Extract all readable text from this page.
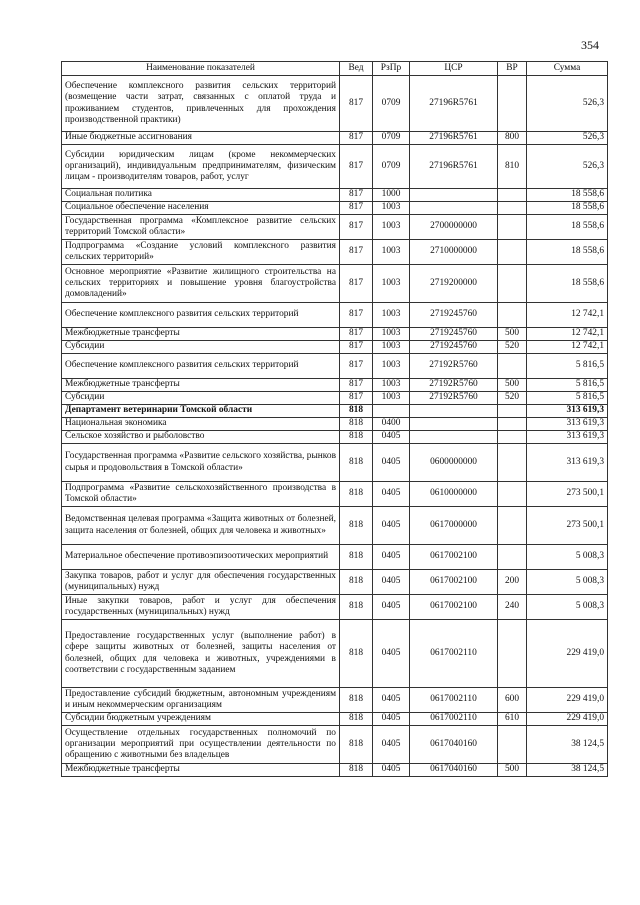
354
Наименование показателей	Вед	РзПр	ЦСР	ВР	Сумма
Обеспечение комплексного развития сельских территорий (возмещение части затрат, связанных с оплатой труда и проживанием студентов, привлеченных для прохождения производственной практики)	817	0709	27196R5761		526,3
Иные бюджетные ассигнования	817	0709	27196R5761	800	526,3
Субсидии юридическим лицам (кроме некоммерческих организаций), индивидуальным предпринимателям, физическим лицам - производителям товаров, работ, услуг	817	0709	27196R5761	810	526,3
Социальная политика	817	1000			18 558,6
Социальное обеспечение населения	817	1003			18 558,6
Государственная программа «Комплексное развитие сельских территорий Томской области»	817	1003	2700000000		18 558,6
Подпрограмма «Создание условий комплексного развития сельских территорий»	817	1003	2710000000		18 558,6
Основное мероприятие «Развитие жилищного строительства на сельских территориях и повышение уровня благоустройства домовладений»	817	1003	2719200000		18 558,6
Обеспечение комплексного развития сельских территорий	817	1003	2719245760		12 742,1
Межбюджетные трансферты	817	1003	2719245760	500	12 742,1
Субсидии	817	1003	2719245760	520	12 742,1
Обеспечение комплексного развития сельских территорий	817	1003	27192R5760		5 816,5
Межбюджетные трансферты	817	1003	27192R5760	500	5 816,5
Субсидии	817	1003	27192R5760	520	5 816,5
Департамент ветеринарии Томской области	818				313 619,3
Национальная экономика	818	0400			313 619,3
Сельское хозяйство и рыболовство	818	0405			313 619,3
Государственная программа «Развитие сельского хозяйства, рынков сырья и продовольствия в Томской области»	818	0405	0600000000		313 619,3
Подпрограмма «Развитие сельскохозяйственного производства в Томской области»	818	0405	0610000000		273 500,1
Ведомственная целевая программа «Защита животных от болезней, защита населения от болезней, общих для человека и животных»	818	0405	0617000000		273 500,1
Материальное обеспечение противоэпизоотических мероприятий	818	0405	0617002100		5 008,3
Закупка товаров, работ и услуг для обеспечения государственных (муниципальных) нужд	818	0405	0617002100	200	5 008,3
Иные закупки товаров, работ и услуг для обеспечения государственных (муниципальных) нужд	818	0405	0617002100	240	5 008,3
Предоставление государственных услуг (выполнение работ) в сфере защиты животных от болезней, защиты населения от болезней, общих для человека и животных, учреждениями в соответствии с государственным заданием	818	0405	0617002110		229 419,0
Предоставление субсидий бюджетным, автономным учреждениям и иным некоммерческим организациям	818	0405	0617002110	600	229 419,0
Субсидии бюджетным учреждениям	818	0405	0617002110	610	229 419,0
Осуществление отдельных государственных полномочий по организации мероприятий при осуществлении деятельности по обращению с животными без владельцев	818	0405	0617040160		38 124,5
Межбюджетные трансферты	818	0405	0617040160	500	38 124,5
